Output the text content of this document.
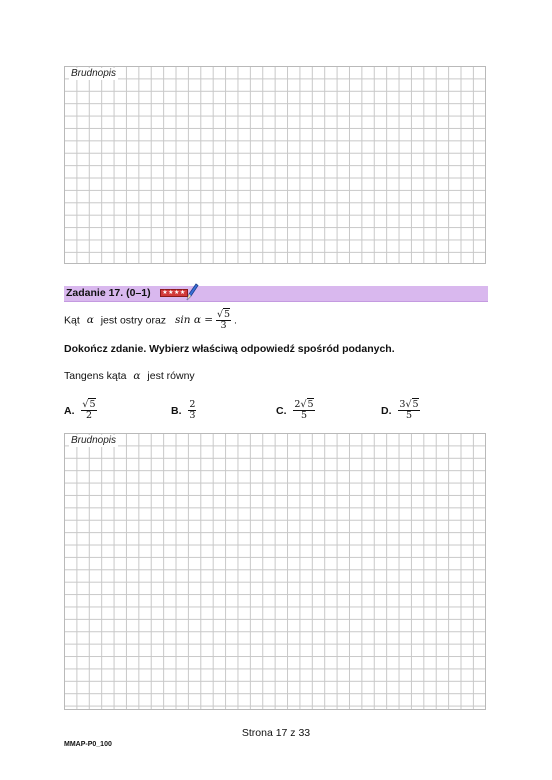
Brudnopis
Zadanie 17. (0–1)	★★★★
Kąt α jest ostry oraz $\sin \alpha = \frac{√5}{3}$ .
Dokończ zdanie. Wybierz właściwą odpowiedź spośród podanych.
Tangens kąta α jest równy
A. $\frac{√5}{2}$	B. $\frac{2}{3}$	C. $\frac{2√5}{5}$	D. $\frac{3√5}{5}$
Brudnopis
Strona 17 z 33
MMAP-P0_100
